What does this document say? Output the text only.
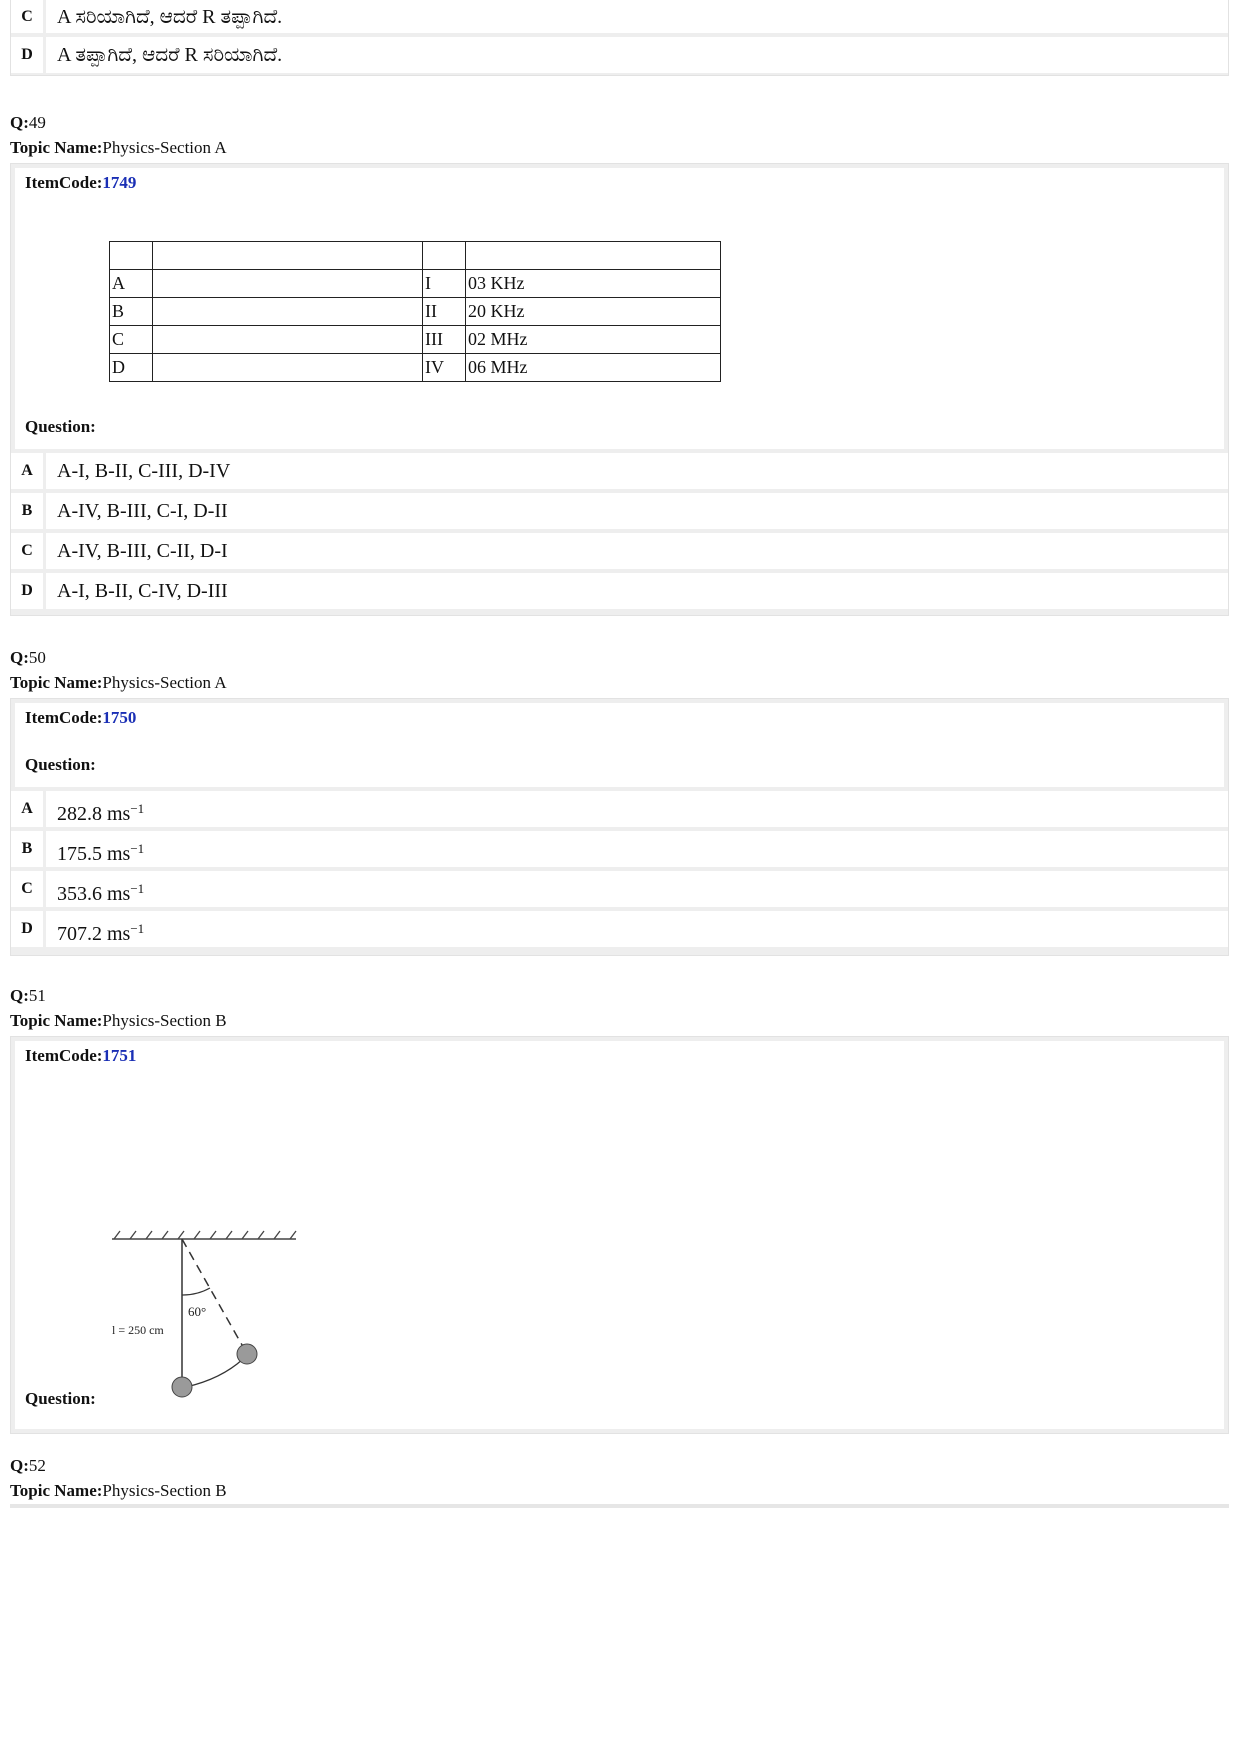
C	A ಸರಿಯಾಗಿದೆ, ಆದರೆ R ತಪ್ಪಾಗಿದೆ.
D	A ತಪ್ಪಾಗಿದೆ, ಆದರೆ R ಸರಿಯಾಗಿದೆ.
Q:49
Topic Name:Physics-Section A
ItemCode:1749

A		I	03 KHz
B		II	20 KHz
C		III	02 MHz
D		IV	06 MHz
Question:
A	A-I, B-II, C-III, D-IV
B	A-IV, B-III, C-I, D-II
C	A-IV, B-III, C-II, D-I
D	A-I, B-II, C-IV, D-III
Q:50
Topic Name:Physics-Section A
ItemCode:1750
Question:
A	282.8 $ms^{-1}$
B	175.5 $ms^{-1}$
C	353.6 $ms^{-1}$
D	707.2 $ms^{-1}$
Q:51
Topic Name:Physics-Section B
ItemCode:1751
60°
l = 250 cm
Question:
Q:52
Topic Name:Physics-Section B
